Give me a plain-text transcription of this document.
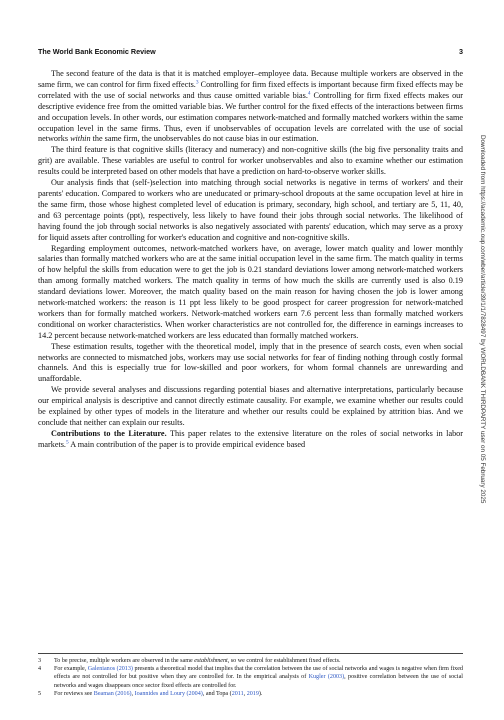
The World Bank Economic Review	3

The second feature of the data is that it is matched employer–employee data. Because multiple workers are observed in the same firm, we can control for firm fixed effects.$^3$ Controlling for firm fixed effects is important because firm fixed effects may be correlated with the use of social networks and thus cause omitted variable bias.$^4$ Controlling for firm fixed effects makes our descriptive evidence free from the omitted variable bias. We further control for the fixed effects of the interactions between firms and occupation levels. In other words, our estimation compares network-matched and formally matched workers within the same occupation level in the same firms. Thus, even if unobservables of occupation levels are correlated with the use of social networks within the same firm, the unobservables do not cause bias in our estimation.

The third feature is that cognitive skills (literacy and numeracy) and non-cognitive skills (the big five personality traits and grit) are available. These variables are useful to control for worker unobservables and also to examine whether our estimation results could be interpreted based on other models that have a prediction on hard-to-observe worker skills.

Our analysis finds that (self-)selection into matching through social networks is negative in terms of workers' and their parents' education. Compared to workers who are uneducated or primary-school dropouts at the same occupation level at hire in the same firm, those whose highest completed level of education is primary, secondary, high school, and tertiary are 5, 11, 40, and 63 percentage points (ppt), respectively, less likely to have found their jobs through social networks. The likelihood of having found the job through social networks is also negatively associated with parents' education, which may serve as a proxy for liquid assets after controlling for worker's education and cognitive and non-cognitive skills.

Regarding employment outcomes, network-matched workers have, on average, lower match quality and lower monthly salaries than formally matched workers who are at the same initial occupation level in the same firm. The match quality in terms of how helpful the skills from education were to get the job is 0.21 standard deviations lower among network-matched workers than among formally matched workers. The match quality in terms of how much the skills are currently used is also 0.19 standard deviations lower. Moreover, the match quality based on the main reason for having chosen the job is lower among network-matched workers: the reason is 11 ppt less likely to be good prospect for career progression for network-matched workers than for formally matched workers. Network-matched workers earn 7.6 percent less than formally matched workers conditional on worker characteristics. When worker characteristics are not controlled for, the difference in earnings increases to 14.2 percent because network-matched workers are less educated than formally matched workers.

These estimation results, together with the theoretical model, imply that in the presence of search costs, even when social networks are connected to mismatched jobs, workers may use social networks for fear of finding nothing through costly formal channels. And this is especially true for low-skilled and poor workers, for whom formal channels are unrewarding and unaffordable.

We provide several analyses and discussions regarding potential biases and alternative interpretations, particularly because our empirical analysis is descriptive and cannot directly estimate causality. For example, we examine whether our results could be explained by other types of models in the literature and whether our results could be explained by attrition bias. And we conclude that neither can explain our results.

Contributions to the Literature. This paper relates to the extensive literature on the roles of social networks in labor markets.$^5$ A main contribution of the paper is to provide empirical evidence based

3 To be precise, multiple workers are observed in the same establishment, so we control for establishment fixed effects.

4 For example, Galenianos (2013) presents a theoretical model that implies that the correlation between the use of social networks and wages is negative when firm fixed effects are not controlled for but positive when they are controlled for. In the empirical analysis of Kugler (2003), positive correlation between the use of social networks and wages disappears once sector fixed effects are controlled for.

5 For reviews see Beaman (2016), Ioannides and Loury (2004), and Topa (2011, 2019).

Downloaded from https://academic.oup.com/wber/article/39/1/1/7828497 by WORLDBANK THIRDPARTY user on 05 February 2025
